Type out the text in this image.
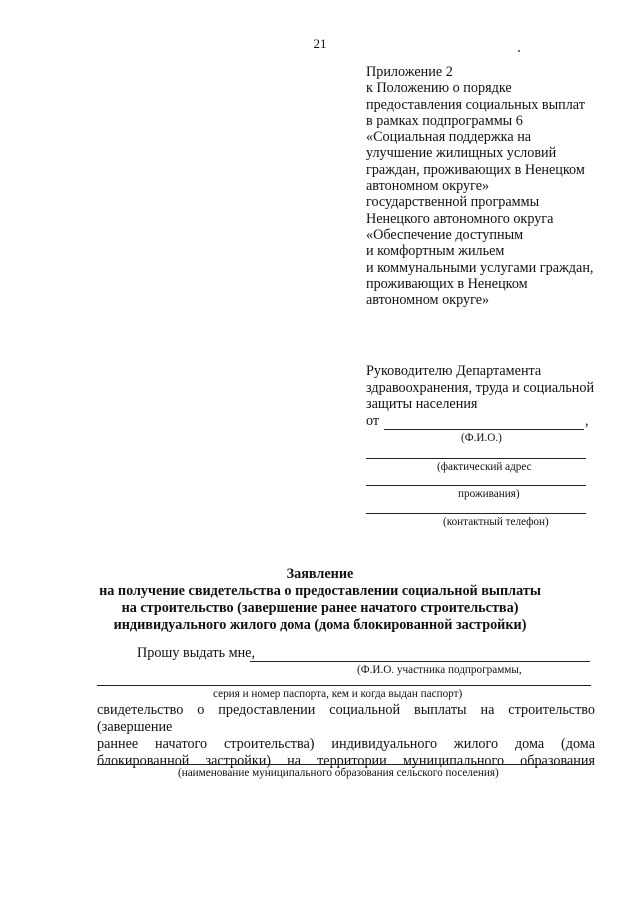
21
Приложение 2
к Положению о порядке
предоставления социальных выплат
в рамках подпрограммы 6
«Социальная поддержка на
улучшение жилищных условий
граждан, проживающих в Ненецком
автономном округе»
государственной программы
Ненецкого автономного округа
«Обеспечение доступным
и комфортным жильем
и коммунальными услугами граждан,
проживающих в Ненецком
автономном округе»
Руководителю Департамента
здравоохранения, труда и социальной
защиты населения
от	,
(Ф.И.О.)
(фактический адрес
проживания)
(контактный телефон)
Заявление
на получение свидетельства о предоставлении социальной выплаты
на строительство (завершение ранее начатого строительства)
индивидуального жилого дома (дома блокированной застройки)
Прошу выдать мне,
(Ф.И.О. участника подпрограммы,
серия и номер паспорта, кем и когда выдан паспорт)
свидетельство о предоставлении социальной выплаты на строительство (завершение
раннее начатого строительства) индивидуального жилого дома (дома
блокированной застройки) на территории муниципального образования
(наименование муниципального образования сельского поселения)
